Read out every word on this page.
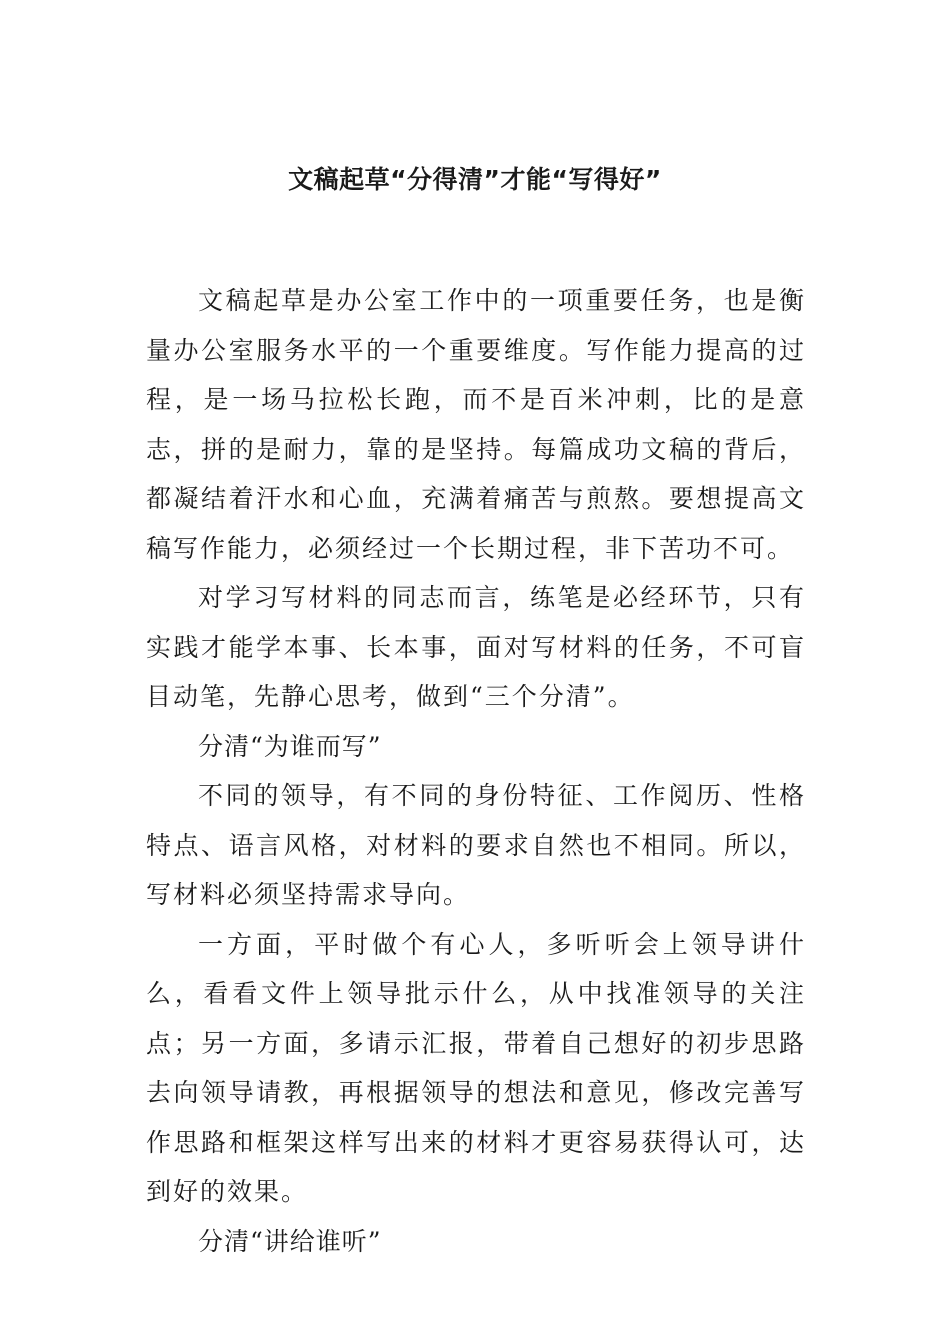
文稿起草“分得清”才能“写得好”

文稿起草是办公室工作中的一项重要任务，也是衡量办公室服务水平的一个重要维度。写作能力提高的过程，是一场马拉松长跑，而不是百米冲刺，比的是意志，拼的是耐力，靠的是坚持。每篇成功文稿的背后，都凝结着汗水和心血，充满着痛苦与煎熬。要想提高文稿写作能力，必须经过一个长期过程，非下苦功不可。

对学习写材料的同志而言，练笔是必经环节，只有实践才能学本事、长本事，面对写材料的任务，不可盲目动笔，先静心思考，做到“三个分清”。

分清“为谁而写”

不同的领导，有不同的身份特征、工作阅历、性格特点、语言风格，对材料的要求自然也不相同。所以，写材料必须坚持需求导向。

一方面，平时做个有心人，多听听会上领导讲什么，看看文件上领导批示什么，从中找准领导的关注点；另一方面，多请示汇报，带着自己想好的初步思路去向领导请教，再根据领导的想法和意见，修改完善写作思路和框架这样写出来的材料才更容易获得认可，达到好的效果。

分清“讲给谁听”
